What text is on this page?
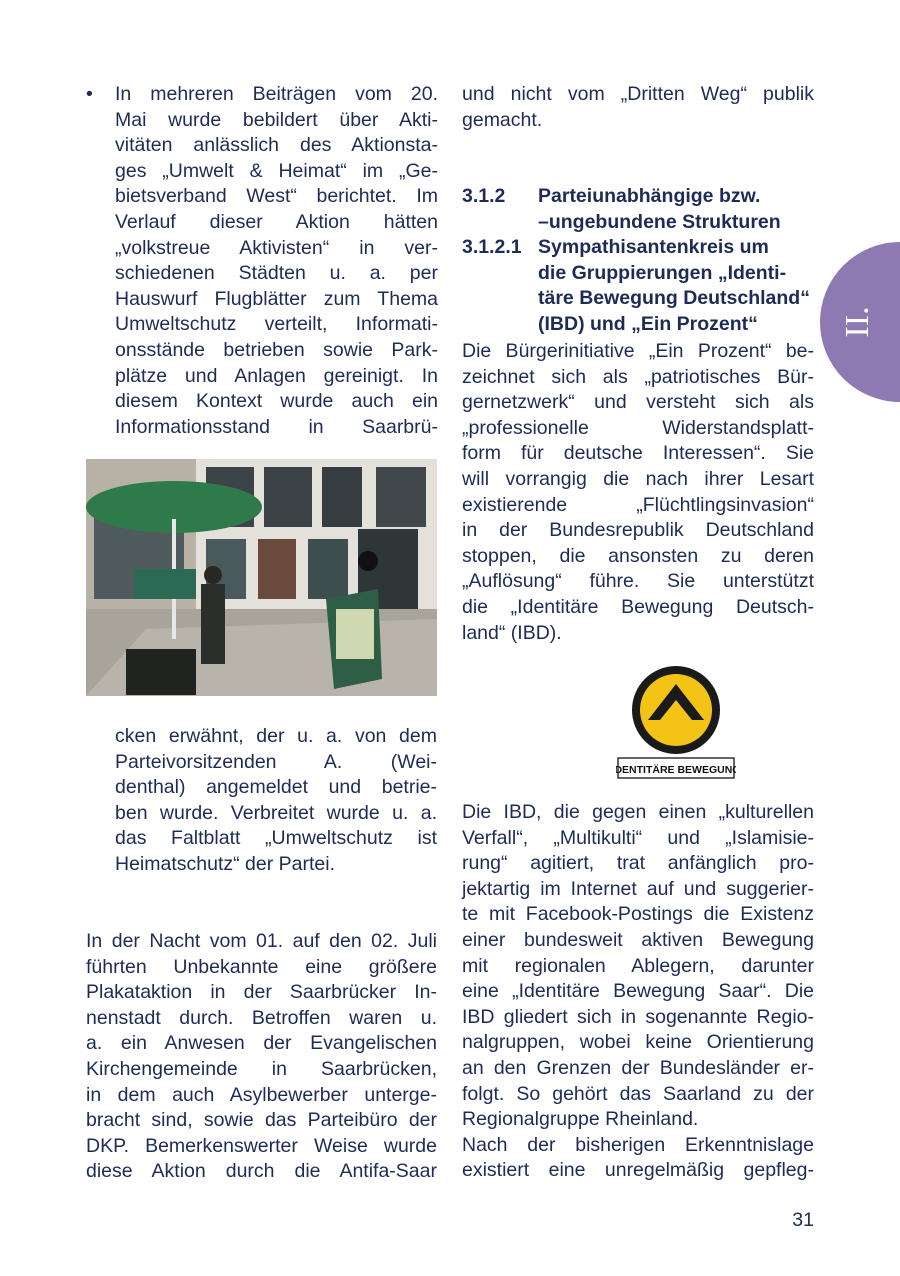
•	In mehreren Beiträgen vom 20.
Mai wurde bebildert über Akti-
vitäten anlässlich des Aktionsta-
ges „Umwelt & Heimat“ im „Ge-
bietsverband West“ berichtet. Im
Verlauf dieser Aktion hätten
„volkstreue Aktivisten“ in ver-
schiedenen Städten u. a. per
Hauswurf Flugblätter zum Thema
Umweltschutz verteilt, Informati-
onsstände betrieben sowie Park-
plätze und Anlagen gereinigt. In
diesem Kontext wurde auch ein
Informationsstand in Saarbrü-

cken erwähnt, der u. a. von dem
Parteivorsitzenden A. (Wei-
denthal) angemeldet und betrie-
ben wurde. Verbreitet wurde u. a.
das Faltblatt „Umweltschutz ist
Heimatschutz“ der Partei.

In der Nacht vom 01. auf den 02. Juli
führten Unbekannte eine größere
Plakataktion in der Saarbrücker In-
nenstadt durch. Betroffen waren u.
a. ein Anwesen der Evangelischen
Kirchengemeinde in Saarbrücken,
in dem auch Asylbewerber unterge-
bracht sind, sowie das Parteibüro der
DKP. Bemerkenswerter Weise wurde
diese Aktion durch die Antifa-Saar

und nicht vom „Dritten Weg“ publik
gemacht.

3.1.2	Parteiunabhängige bzw.
–ungebundene Strukturen
3.1.2.1 Sympathisantenkreis um
die Gruppierungen „Identi-
täre Bewegung Deutschland“
(IBD) und „Ein Prozent“

Die Bürgerinitiative „Ein Prozent“ be-
zeichnet sich als „patriotisches Bür-
gernetzwerk“ und versteht sich als
„professionelle Widerstandsplatt-
form für deutsche Interessen“. Sie
will vorrangig die nach ihrer Lesart
existierende „Flüchtlingsinvasion“
in der Bundesrepublik Deutschland
stoppen, die ansonsten zu deren
„Auflösung“ führe. Sie unterstützt
die „Identitäre Bewegung Deutsch-
land“ (IBD).

IDENTITÄRE BEWEGUNG

Die IBD, die gegen einen „kulturellen
Verfall“, „Multikulti“ und „Islamisie-
rung“ agitiert, trat anfänglich pro-
jektartig im Internet auf und suggerier-
te mit Facebook-Postings die Existenz
einer bundesweit aktiven Bewegung
mit regionalen Ablegern, darunter
eine „Identitäre Bewegung Saar“. Die
IBD gliedert sich in sogenannte Regio-
nalgruppen, wobei keine Orientierung
an den Grenzen der Bundesländer er-
folgt. So gehört das Saarland zu der
Regionalgruppe Rheinland.

Nach der bisherigen Erkenntnislage
existiert eine unregelmäßig gepfleg-

II.
31
